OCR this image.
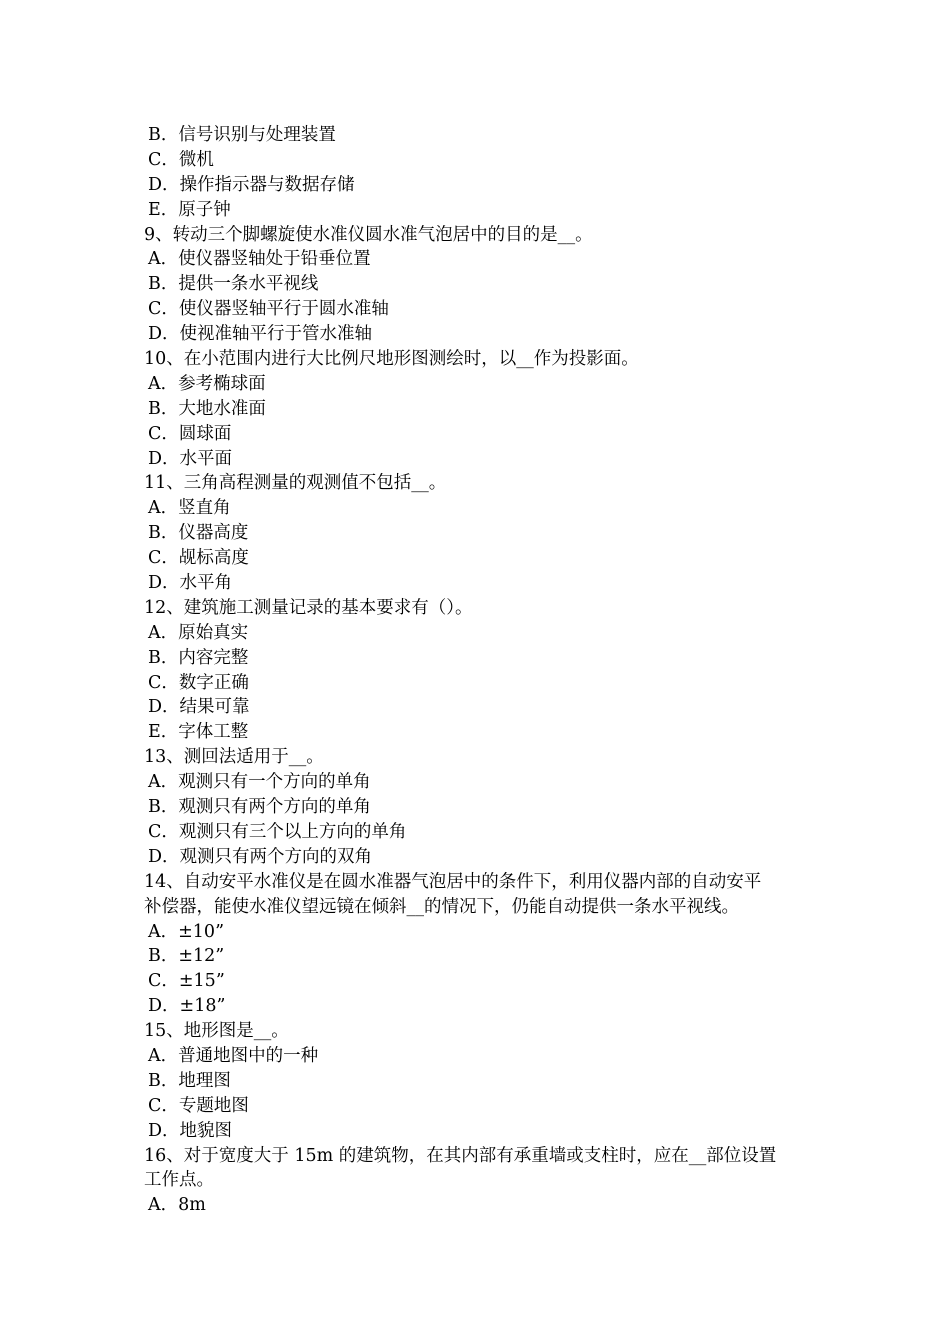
B．信号识别与处理装置
C．微机
D．操作指示器与数据存储
E．原子钟
9、转动三个脚螺旋使水准仪圆水准气泡居中的目的是__。
A．使仪器竖轴处于铅垂位置
B．提供一条水平视线
C．使仪器竖轴平行于圆水准轴
D．使视准轴平行于管水准轴
10、在小范围内进行大比例尺地形图测绘时，以__作为投影面。
A．参考椭球面
B．大地水准面
C．圆球面
D．水平面
11、三角高程测量的观测值不包括__。
A．竖直角
B．仪器高度
C．觇标高度
D．水平角
12、建筑施工测量记录的基本要求有（）。
A．原始真实
B．内容完整
C．数字正确
D．结果可靠
E．字体工整
13、测回法适用于__。
A．观测只有一个方向的单角
B．观测只有两个方向的单角
C．观测只有三个以上方向的单角
D．观测只有两个方向的双角
14、自动安平水准仪是在圆水准器气泡居中的条件下，利用仪器内部的自动安平
补偿器，能使水准仪望远镜在倾斜__的情况下，仍能自动提供一条水平视线。
A．±10”
B．±12”
C．±15”
D．±18”
15、地形图是__。
A．普通地图中的一种
B．地理图
C．专题地图
D．地貌图
16、对于宽度大于 15m 的建筑物，在其内部有承重墙或支柱时，应在__部位设置
工作点。
A．8m
